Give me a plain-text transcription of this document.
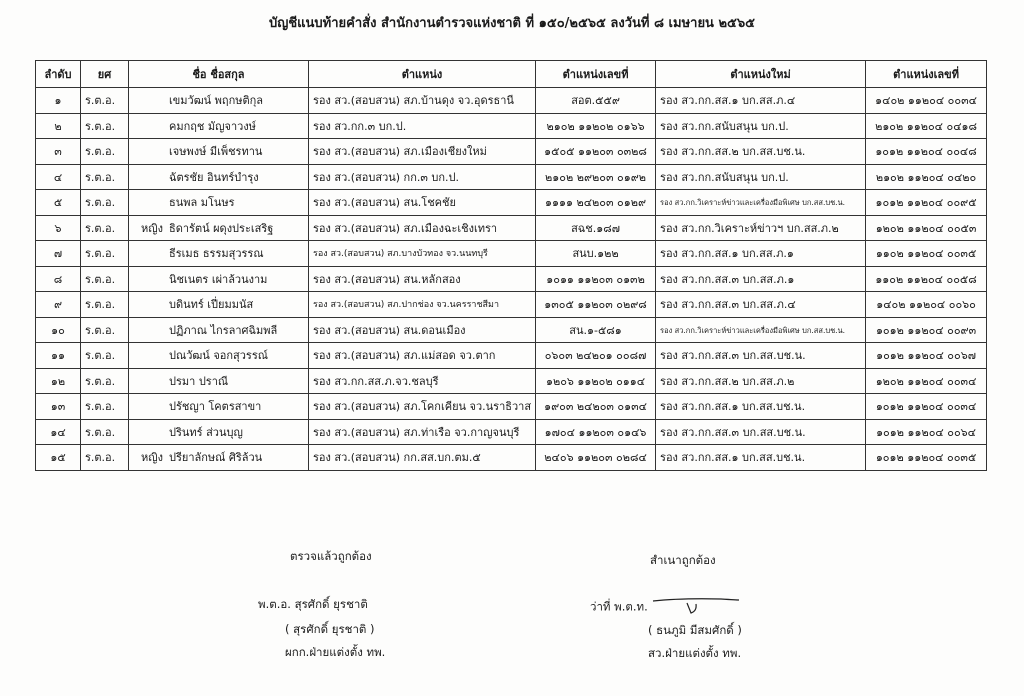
บัญชีแนบท้ายคำสั่ง สำนักงานตำรวจแห่งชาติ ที่ ๑๕๐/๒๕๖๕ ลงวันที่ ๘ เมษายน ๒๕๖๕
ลำดับ	ยศ	ชื่อ ชื่อสกุล	ตำแหน่ง	ตำแหน่งเลขที่	ตำแหน่งใหม่	ตำแหน่งเลขที่
๑	ร.ต.อ.	เขมวัฒน์ พฤกษติกุล	รอง สว.(สอบสวน) สภ.บ้านดุง จว.อุดรธานี	สอต.๕๕๙	รอง สว.กก.สส.๑ บก.สส.ภ.๔	๑๔๐๒ ๑๑๒๐๔ ๐๐๓๔
๒	ร.ต.อ.	คมกฤช มัญจาวงษ์	รอง สว.กก.๓ บก.ป.	๒๑๐๒ ๑๑๒๐๒ ๐๑๖๖	รอง สว.กก.สนับสนุน บก.ป.	๒๑๐๒ ๑๑๒๐๔ ๐๔๑๘
๓	ร.ต.อ.	เจษพงษ์ มีเพ็ชรทาน	รอง สว.(สอบสวน) สภ.เมืองเชียงใหม่	๑๕๐๕ ๑๑๒๐๓ ๐๓๒๘	รอง สว.กก.สส.๒ บก.สส.บช.น.	๑๐๑๒ ๑๑๒๐๔ ๐๐๔๘
๔	ร.ต.อ.	ฉัตรชัย อินทร์บำรุง	รอง สว.(สอบสวน) กก.๓ บก.ป.	๒๑๐๒ ๒๙๒๐๓ ๐๑๙๒	รอง สว.กก.สนับสนุน บก.ป.	๒๑๐๒ ๑๑๒๐๔ ๐๔๒๐
๕	ร.ต.อ.	ธนพล มโนษร	รอง สว.(สอบสวน) สน.โชคชัย	๑๑๑๑ ๒๔๒๐๓ ๐๑๒๙	รอง สว.กก.วิเคราะห์ข่าวและเครื่องมือพิเศษ บก.สส.บช.น.	๑๐๑๒ ๑๑๒๐๔ ๐๐๙๕
๖	ร.ต.อ.	หญิง ธิดารัตน์ ผดุงประเสริฐ	รอง สว.(สอบสวน) สภ.เมืองฉะเชิงเทรา	สฉช.๑๘๗	รอง สว.กก.วิเคราะห์ข่าวฯ บก.สส.ภ.๒	๑๒๐๒ ๑๑๒๐๔ ๐๐๕๓
๗	ร.ต.อ.	ธีรเมธ ธรรมสุวรรณ	รอง สว.(สอบสวน) สภ.บางบัวทอง จว.นนทบุรี	สนบ.๑๒๒	รอง สว.กก.สส.๑ บก.สส.ภ.๑	๑๑๐๒ ๑๑๒๐๔ ๐๐๓๕
๘	ร.ต.อ.	นิชเนตร เผ่าล้วนงาม	รอง สว.(สอบสวน) สน.หลักสอง	๑๐๑๑ ๑๑๒๐๓ ๐๑๓๒	รอง สว.กก.สส.๓ บก.สส.ภ.๑	๑๑๐๒ ๑๑๒๐๔ ๐๐๕๘
๙	ร.ต.อ.	บดินทร์ เปี่ยมมนัส	รอง สว.(สอบสวน) สภ.ปากช่อง จว.นครราชสีมา	๑๓๐๕ ๑๑๒๐๓ ๐๒๙๘	รอง สว.กก.สส.๓ บก.สส.ภ.๔	๑๔๐๒ ๑๑๒๐๔ ๐๐๖๐
๑๐	ร.ต.อ.	ปฏิภาณ ไกรลาศฉิมพลี	รอง สว.(สอบสวน) สน.ดอนเมือง	สน.๑-๕๘๑	รอง สว.กก.วิเคราะห์ข่าวและเครื่องมือพิเศษ บก.สส.บช.น.	๑๐๑๒ ๑๑๒๐๔ ๐๐๙๓
๑๑	ร.ต.อ.	ปณวัฒน์ จอกสุวรรณ์	รอง สว.(สอบสวน) สภ.แม่สอด จว.ตาก	๐๖๐๓ ๒๔๒๐๑ ๐๐๘๗	รอง สว.กก.สส.๓ บก.สส.บช.น.	๑๐๑๒ ๑๑๒๐๔ ๐๐๖๗
๑๒	ร.ต.อ.	ปรมา ปราณี	รอง สว.กก.สส.ภ.จว.ชลบุรี	๑๒๐๖ ๑๑๒๐๒ ๐๑๑๔	รอง สว.กก.สส.๒ บก.สส.ภ.๒	๑๒๐๒ ๑๑๒๐๔ ๐๐๓๔
๑๓	ร.ต.อ.	ปรัชญา โคตรสาขา	รอง สว.(สอบสวน) สภ.โคกเคียน จว.นราธิวาส	๑๙๐๓ ๒๔๒๐๓ ๐๑๓๔	รอง สว.กก.สส.๑ บก.สส.บช.น.	๑๐๑๒ ๑๑๒๐๔ ๐๐๓๔
๑๔	ร.ต.อ.	ปรินทร์ ส่วนบุญ	รอง สว.(สอบสวน) สภ.ท่าเรือ จว.กาญจนบุรี	๑๗๐๔ ๑๑๒๐๓ ๐๑๔๖	รอง สว.กก.สส.๓ บก.สส.บช.น.	๑๐๑๒ ๑๑๒๐๔ ๐๐๖๔
๑๕	ร.ต.อ.	หญิง ปรียาลักษณ์ ศิริล้วน	รอง สว.(สอบสวน) กก.สส.บก.ตม.๕	๒๔๐๖ ๑๑๒๐๓ ๐๒๘๔	รอง สว.กก.สส.๑ บก.สส.บช.น.	๑๐๑๒ ๑๑๒๐๔ ๐๐๓๕
ตรวจแล้วถูกต้อง
พ.ต.อ. สุรศักดิ์ ยุรชาติ
( สุรศักดิ์ ยุรชาติ )
ผกก.ฝ่ายแต่งตั้ง ทพ.
สำเนาถูกต้อง
ว่าที่ พ.ต.ท.
( ธนภูมิ มีสมศักดิ์ )
สว.ฝ่ายแต่งตั้ง ทพ.
